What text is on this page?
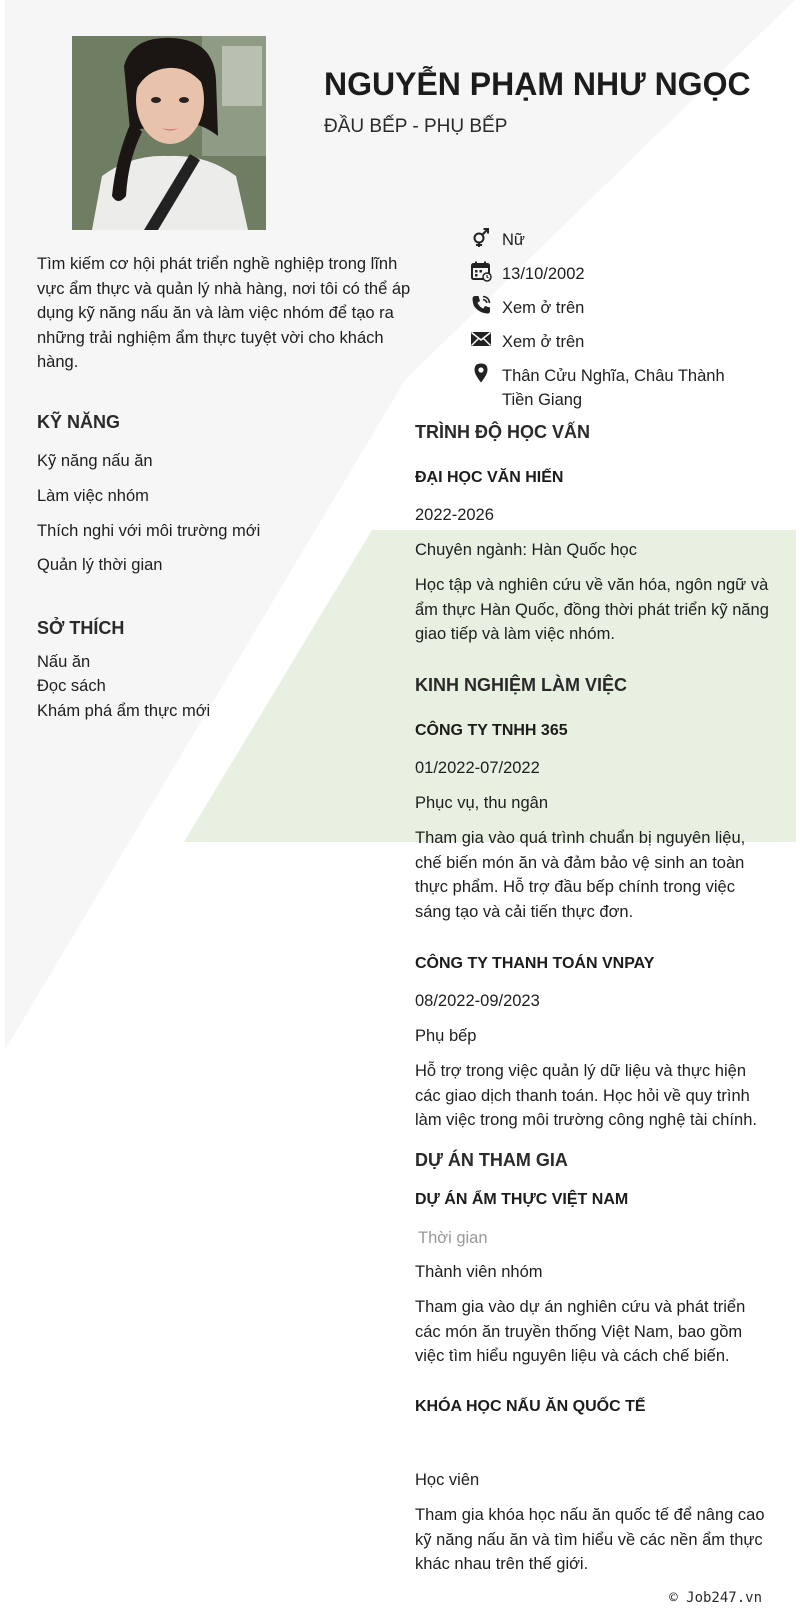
NGUYỄN PHẠM NHƯ NGỌC
ĐẦU BẾP - PHỤ BẾP
Tìm kiếm cơ hội phát triển nghề nghiệp trong lĩnh vực ẩm thực và quản lý nhà hàng, nơi tôi có thể áp dụng kỹ năng nấu ăn và làm việc nhóm để tạo ra những trải nghiệm ẩm thực tuyệt vời cho khách hàng.
Nữ
13/10/2002
Xem ở trên
Xem ở trên
Thân Cửu Nghĩa, Châu Thành Tiền Giang
KỸ NĂNG
Kỹ năng nấu ăn
Làm việc nhóm
Thích nghi với môi trường mới
Quản lý thời gian
SỞ THÍCH
Nấu ăn
Đọc sách
Khám phá ẩm thực mới
TRÌNH ĐỘ HỌC VẤN
ĐẠI HỌC VĂN HIẾN
2022-2026
Chuyên ngành: Hàn Quốc học
Học tập và nghiên cứu về văn hóa, ngôn ngữ và ẩm thực Hàn Quốc, đồng thời phát triển kỹ năng giao tiếp và làm việc nhóm.
KINH NGHIỆM LÀM VIỆC
CÔNG TY TNHH 365
01/2022-07/2022
Phục vụ, thu ngân
Tham gia vào quá trình chuẩn bị nguyên liệu, chế biến món ăn và đảm bảo vệ sinh an toàn thực phẩm. Hỗ trợ đầu bếp chính trong việc sáng tạo và cải tiến thực đơn.
CÔNG TY THANH TOÁN VNPAY
08/2022-09/2023
Phụ bếp
Hỗ trợ trong việc quản lý dữ liệu và thực hiện các giao dịch thanh toán. Học hỏi về quy trình làm việc trong môi trường công nghệ tài chính.
DỰ ÁN THAM GIA
DỰ ÁN ẨM THỰC VIỆT NAM
Thời gian
Thành viên nhóm
Tham gia vào dự án nghiên cứu và phát triển các món ăn truyền thống Việt Nam, bao gồm việc tìm hiểu nguyên liệu và cách chế biến.
KHÓA HỌC NẤU ĂN QUỐC TẾ
Học viên
Tham gia khóa học nấu ăn quốc tế để nâng cao kỹ năng nấu ăn và tìm hiểu về các nền ẩm thực khác nhau trên thế giới.
© Job247.vn
